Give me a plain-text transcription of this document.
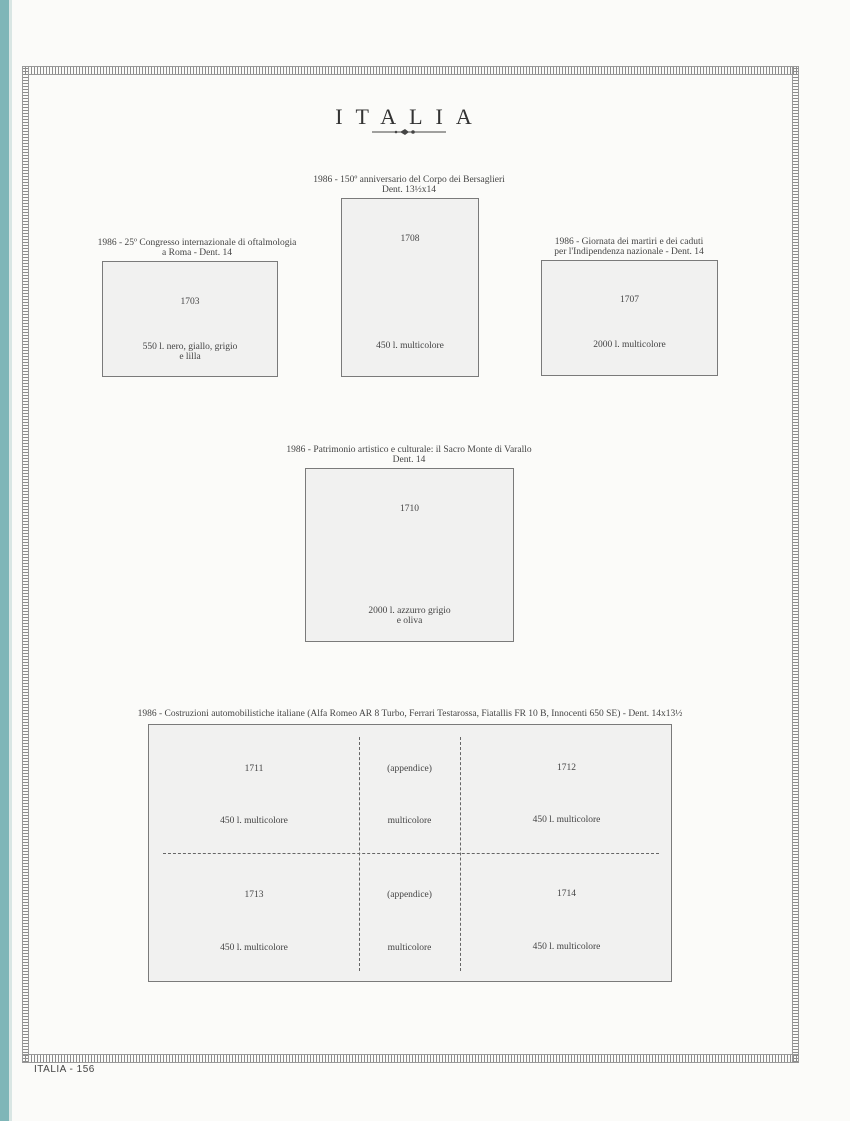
ITALIA
1986 - 25º Congresso internazionale di oftalmologia
a Roma - Dent. 14
1703
550 l. nero, giallo, grigio
e lilla
1986 - 150º anniversario del Corpo dei Bersaglieri
Dent. 13½x14
1708
450 l. multicolore
1986 - Giornata dei martiri e dei caduti
per l'Indipendenza nazionale - Dent. 14
1707
2000 l. multicolore
1986 - Patrimonio artistico e culturale: il Sacro Monte di Varallo
Dent. 14
1710
2000 l. azzurro grigio
e oliva
1986 - Costruzioni automobilistiche italiane (Alfa Romeo AR 8 Turbo, Ferrari Testarossa, Fiatallis FR 10 B, Innocenti 650 SE) - Dent. 14x13½
1711
450 l. multicolore
(appendice)
multicolore
1712
450 l. multicolore
1713
450 l. multicolore
(appendice)
multicolore
1714
450 l. multicolore
ITALIA - 156
